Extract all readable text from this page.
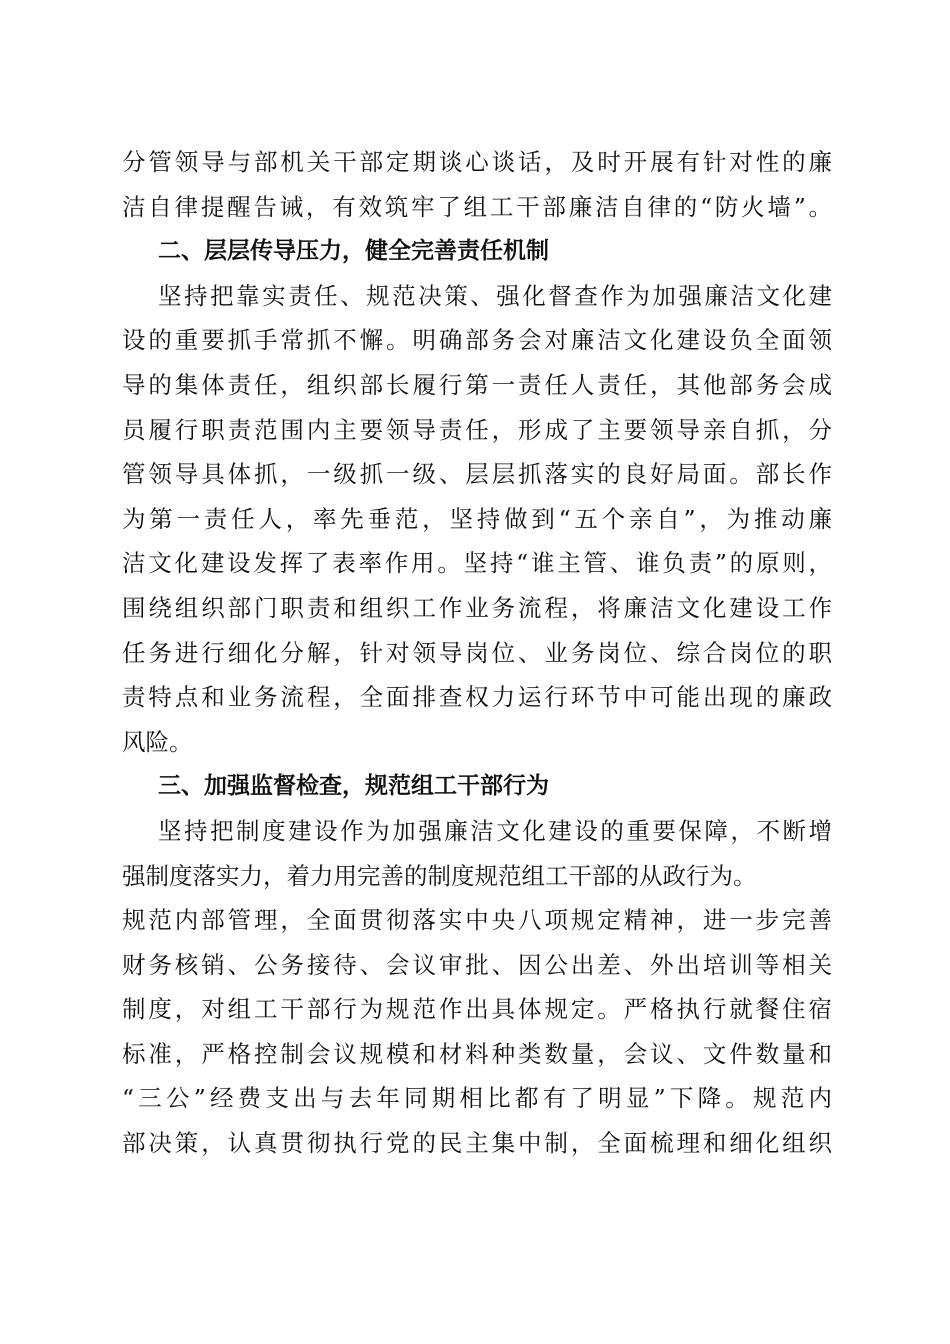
分管领导与部机关干部定期谈心谈话，及时开展有针对性的廉
洁自律提醒告诫，有效筑牢了组工干部廉洁自律的“防火墙”。
二、层层传导压力，健全完善责任机制
坚持把靠实责任、规范决策、强化督查作为加强廉洁文化建
设的重要抓手常抓不懈。明确部务会对廉洁文化建设负全面领
导的集体责任，组织部长履行第一责任人责任，其他部务会成
员履行职责范围内主要领导责任，形成了主要领导亲自抓，分
管领导具体抓，一级抓一级、层层抓落实的良好局面。部长作
为第一责任人，率先垂范，坚持做到“五个亲自”，为推动廉
洁文化建设发挥了表率作用。坚持“谁主管、谁负责”的原则，
围绕组织部门职责和组织工作业务流程，将廉洁文化建设工作
任务进行细化分解，针对领导岗位、业务岗位、综合岗位的职
责特点和业务流程，全面排查权力运行环节中可能出现的廉政
风险。
三、加强监督检查，规范组工干部行为
坚持把制度建设作为加强廉洁文化建设的重要保障，不断增
强制度落实力，着力用完善的制度规范组工干部的从政行为。
规范内部管理，全面贯彻落实中央八项规定精神，进一步完善
财务核销、公务接待、会议审批、因公出差、外出培训等相关
制度，对组工干部行为规范作出具体规定。严格执行就餐住宿
标准，严格控制会议规模和材料种类数量，会议、文件数量和
“三公”经费支出与去年同期相比都有了明显”下降。规范内
部决策，认真贯彻执行党的民主集中制，全面梳理和细化组织
